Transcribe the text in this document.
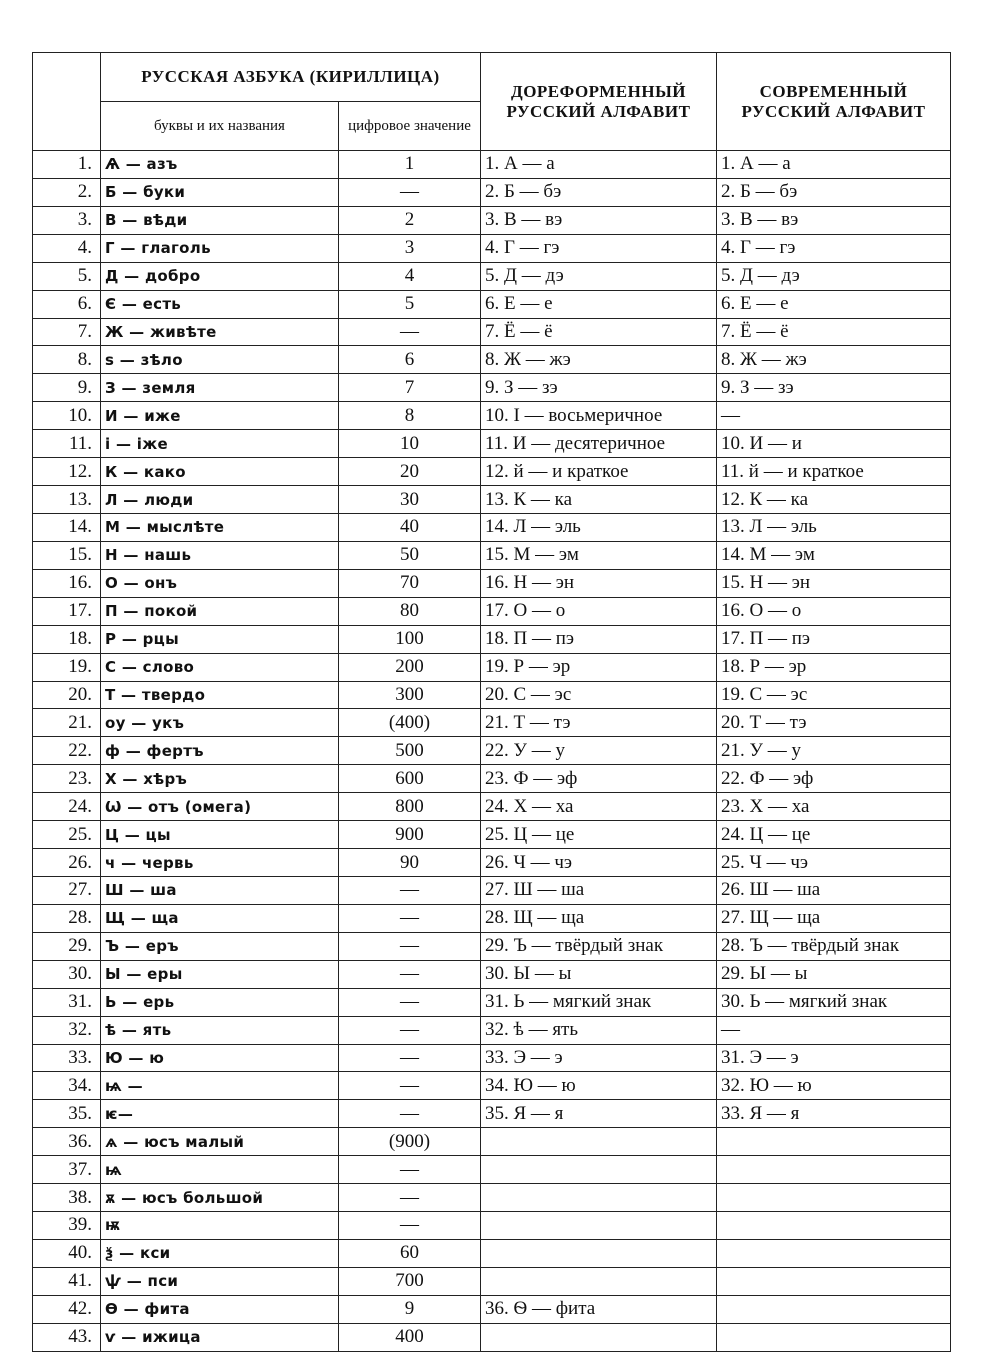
	РУССКАЯ АЗБУКА (КИРИЛЛИЦА)		ДОРЕФОРМЕННЫЙ РУССКИЙ АЛФАВИТ	СОВРЕМЕННЫЙ РУССКИЙ АЛФАВИТ
	буквы и их названия	цифровое значение		
1.	Ѧ — азъ	1	1. А — а	1. А — а
2.	Б — буки	—	2. Б — бэ	2. Б — бэ
3.	В — вѣди	2	3. В — вэ	3. В — вэ
4.	Г — глаголь	3	4. Г — гэ	4. Г — гэ
5.	Д — добро	4	5. Д — дэ	5. Д — дэ
6.	Є — есть	5	6. Е — е	6. Е — е
7.	Ж — живѣте	—	7. Ё — ё	7. Ё — ё
8.	ѕ — зѣло	6	8. Ж — жэ	8. Ж — жэ
9.	З — земля	7	9. З — зэ	9. З — зэ
10.	И — иже	8	10. І — восьмеричное	—
11.	і — іже	10	11. И — десятеричное	10. И — и
12.	К — како	20	12. й — и краткое	11. й — и краткое
13.	Л — люди	30	13. К — ка	12. К — ка
14.	М — мыслѣте	40	14. Л — эль	13. Л — эль
15.	Н — нашь	50	15. М — эм	14. М — эм
16.	О — онъ	70	16. Н — эн	15. Н — эн
17.	П — покой	80	17. О — о	16. О — о
18.	Р — рцы	100	18. П — пэ	17. П — пэ
19.	С — слово	200	19. Р — эр	18. Р — эр
20.	Т — твердо	300	20. С — эс	19. С — эс
21.	оу — укъ	(400)	21. Т — тэ	20. Т — тэ
22.	ф — фертъ	500	22. У — у	21. У — у
23.	Х — хѣръ	600	23. Ф — эф	22. Ф — эф
24.	Ѡ — отъ (омега)	800	24. Х — ха	23. Х — ха
25.	Ц — цы	900	25. Ц — це	24. Ц — це
26.	ч — червь	90	26. Ч — чэ	25. Ч — чэ
27.	Ш — ша	—	27. Ш — ша	26. Ш — ша
28.	Щ — ща	—	28. Щ — ща	27. Щ — ща
29.	Ъ — еръ	—	29. Ъ — твёрдый знак	28. Ъ — твёрдый знак
30.	Ы — еры	—	30. Ы — ы	29. Ы — ы
31.	Ь — ерь	—	31. Ь — мягкий знак	30. Ь — мягкий знак
32.	ѣ — ять	—	32. ѣ — ять	—
33.	Ю — ю	—	33. Э — э	31. Э — э
34.	ѩ —	—	34. Ю — ю	32. Ю — ю
35.	ѥ—	—	35. Я — я	33. Я — я
36.	ѧ — юсъ малый	(900)		
37.	ѩ	—		
38.	ѫ — юсъ большой	—		
39.	ѭ	—		
40.	ѯ — кси	60		
41.	ѱ — пси	700		
42.	Ѳ — фита	9	36. Ѳ — фита	
43.	ѵ — ижица	400		
